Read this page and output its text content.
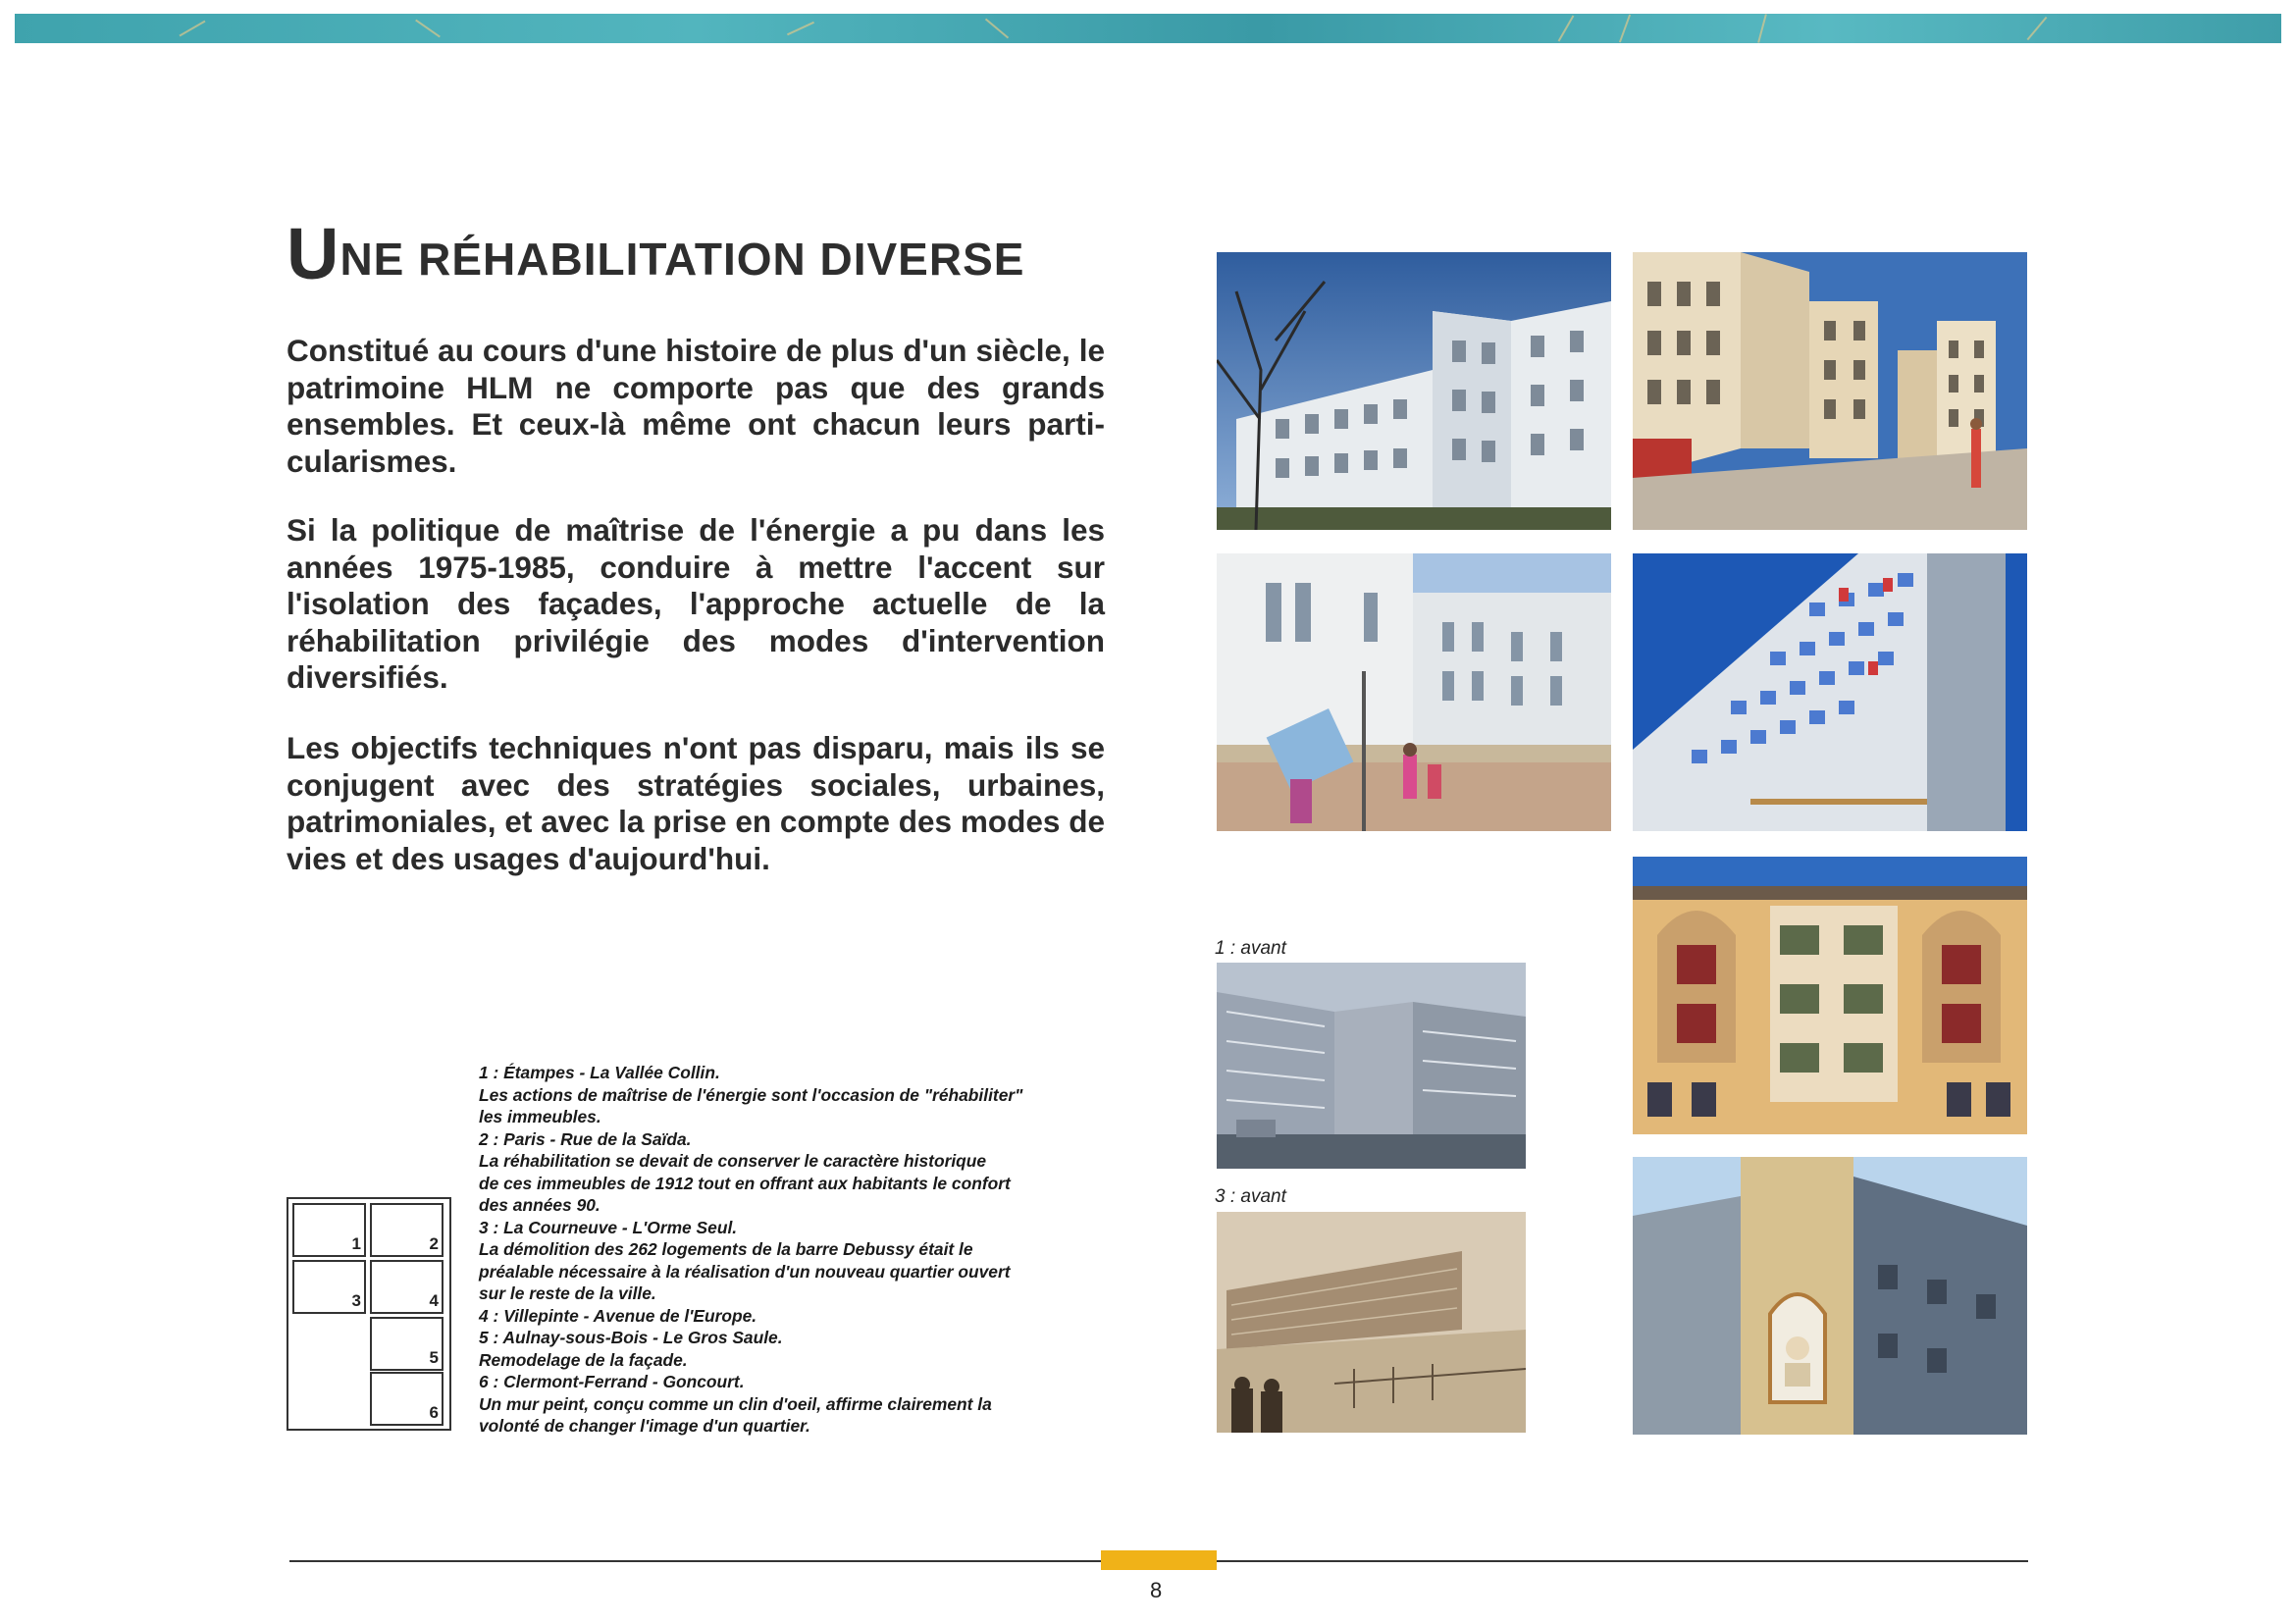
UNE RÉHABILITATION DIVERSE

Constitué au cours d'une histoire de plus d'un siècle, le patrimoine HLM ne comporte pas que des grands ensembles. Et ceux-là même ont chacun leurs parti-cularismes.

Si la politique de maîtrise de l'énergie a pu dans les années 1975-1985, conduire à mettre l'accent sur l'isolation des façades, l'approche actuelle de la réhabilitation privilégie des modes d'intervention diversifiés.

Les objectifs techniques n'ont pas disparu, mais ils se conjugent avec des stratégies sociales, urbaines, patrimoniales, et avec la prise en compte des modes de vies et des usages d'aujourd'hui.

1 : avant
3 : avant
1 : Étampes - La Vallée Collin.
Les actions de maîtrise de l'énergie sont l'occasion de "réhabiliter"
les immeubles.
2 : Paris - Rue de la Saïda.
La réhabilitation se devait de conserver le caractère historique
de ces immeubles de 1912 tout en offrant aux habitants le confort
des années 90.
3 : La Courneuve - L'Orme Seul.
La démolition des 262 logements de la barre Debussy était le
préalable nécessaire à la réalisation d'un nouveau quartier ouvert
sur le reste de la ville.
4 : Villepinte - Avenue de l'Europe.
5 : Aulnay-sous-Bois - Le Gros Saule.
Remodelage de la façade.
6 : Clermont-Ferrand - Goncourt.
Un mur peint, conçu comme un clin d'oeil, affirme clairement la
volonté de changer l'image d'un quartier.
1	2
3	4
5
6
8
